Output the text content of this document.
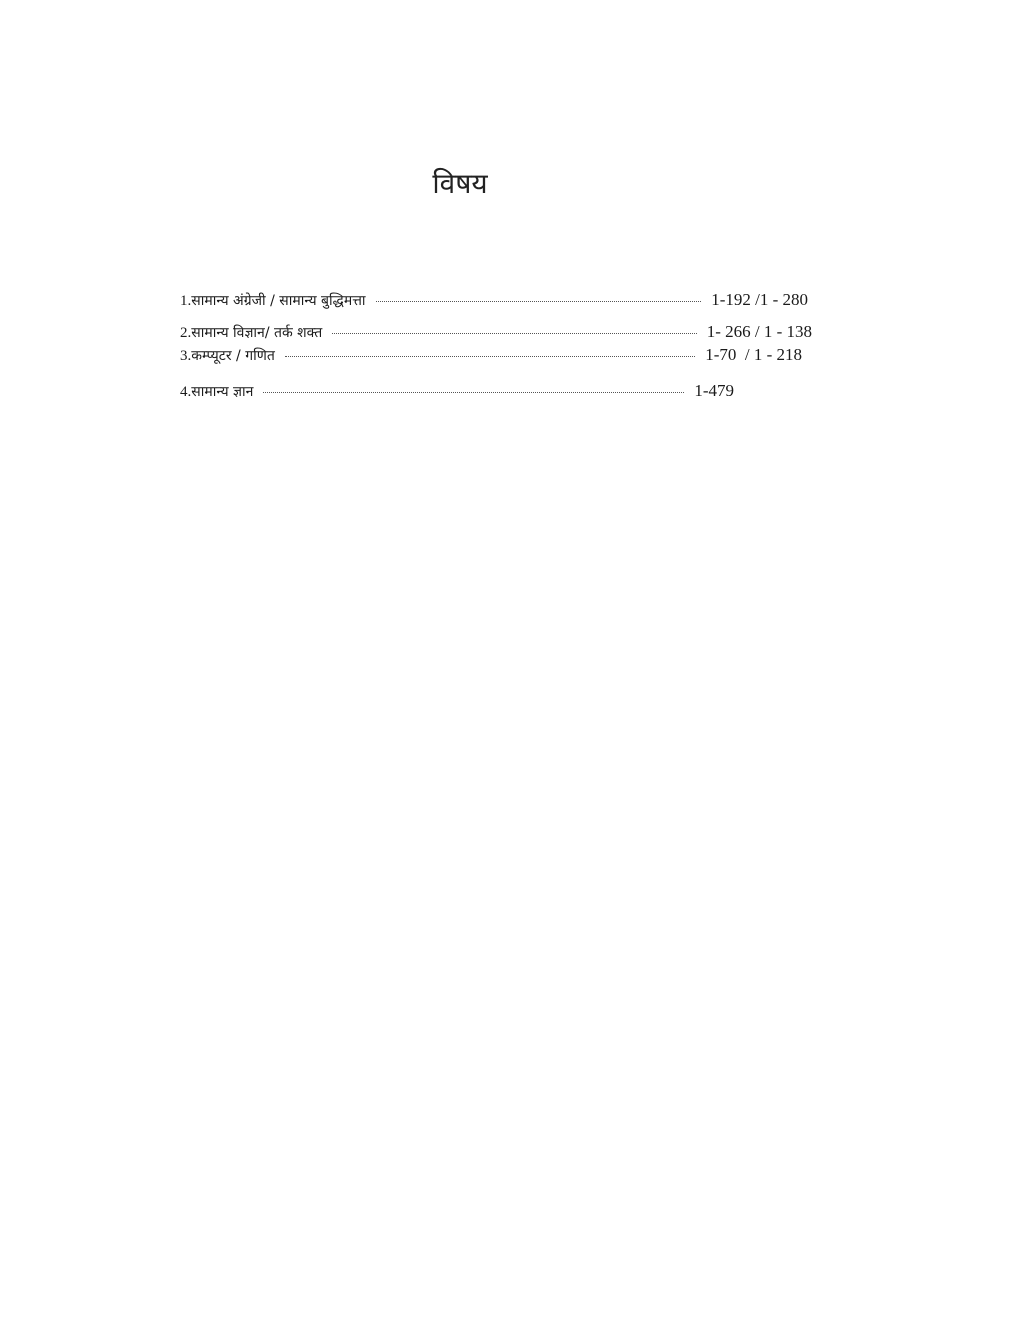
विषय
1. सामान्य अंग्रेजी / सामान्य बुद्धिमत्ता	1-192 /1 - 280
2. सामान्य विज्ञान/ तर्क शक्त	1- 266 / 1 - 138
3. कम्प्यूटर / गणित	1-70  / 1 - 218
4. सामान्य ज्ञान	1-479
